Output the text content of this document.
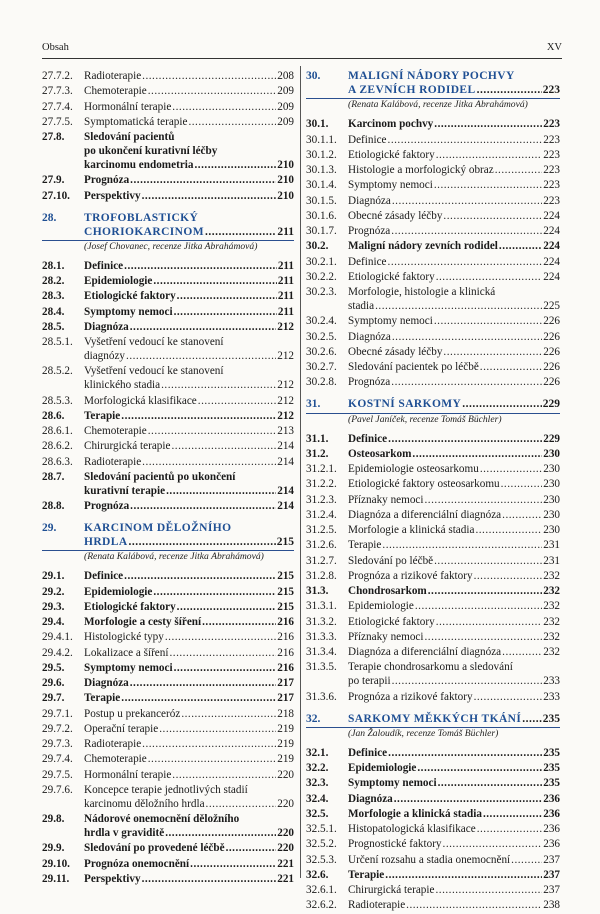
Obsah	XV
27.7.2.	Radioterapie .....	208
27.7.3.	Chemoterapie .....	209
27.7.4.	Hormonální terapie .....	209
27.7.5.	Symptomatická terapie .....	209
27.8.	Sledování pacientů
po ukončení kurativní léčby
karcinomu endometria .....	210
27.9.	Prognóza .....	210
27.10.	Perspektivy .....	210
28.	TROFOBLASTICKÝ
CHORIOKARCINOM .....	211
(Josef Chovanec, recenze Jitka Abrahámová)
28.1.	Definice .....	211
28.2.	Epidemiologie .....	211
28.3.	Etiologické faktory .....	211
28.4.	Symptomy nemoci .....	211
28.5.	Diagnóza .....	212
28.5.1.	Vyšetření vedoucí ke stanovení
diagnózy .....	212
28.5.2.	Vyšetření vedoucí ke stanovení
klinického stadia .....	212
28.5.3.	Morfologická klasifikace .....	212
28.6.	Terapie .....	212
28.6.1.	Chemoterapie .....	213
28.6.2.	Chirurgická terapie .....	214
28.6.3.	Radioterapie .....	214
28.7.	Sledování pacientů po ukončení
kurativní terapie .....	214
28.8.	Prognóza .....	214
29.	KARCINOM DĚLOŽNÍHO
HRDLA .....	215
(Renata Kalábová, recenze Jitka Abrahámová)
29.1.	Definice .....	215
29.2.	Epidemiologie .....	215
29.3.	Etiologické faktory .....	215
29.4.	Morfologie a cesty šíření .....	216
29.4.1.	Histologické typy .....	216
29.4.2.	Lokalizace a šíření .....	216
29.5.	Symptomy nemoci .....	216
29.6.	Diagnóza .....	217
29.7.	Terapie .....	217
29.7.1.	Postup u prekanceróz .....	218
29.7.2.	Operační terapie .....	219
29.7.3.	Radioterapie .....	219
29.7.4.	Chemoterapie .....	219
29.7.5.	Hormonální terapie .....	220
29.7.6.	Koncepce terapie jednotlivých stadií
karcinomu děložního hrdla .....	220
29.8.	Nádorové onemocnění děložního
hrdla v graviditě .....	220
29.9.	Sledování po provedené léčbě .....	220
29.10.	Prognóza onemocnění .....	221
29.11.	Perspektivy .....	221
30.	MALIGNÍ NÁDORY POCHVY
A ZEVNÍCH RODIDEL .....	223
(Renata Kalábová, recenze Jitka Abrahámová)
30.1.	Karcinom pochvy .....	223
30.1.1.	Definice .....	223
30.1.2.	Etiologické faktory .....	223
30.1.3.	Histologie a morfologický obraz .....	223
30.1.4.	Symptomy nemoci .....	223
30.1.5.	Diagnóza .....	223
30.1.6.	Obecné zásady léčby .....	224
30.1.7.	Prognóza .....	224
30.2.	Maligní nádory zevních rodidel .....	224
30.2.1.	Definice .....	224
30.2.2.	Etiologické faktory .....	224
30.2.3.	Morfologie, histologie a klinická
stadia .....	225
30.2.4.	Symptomy nemoci .....	226
30.2.5.	Diagnóza .....	226
30.2.6.	Obecné zásady léčby .....	226
30.2.7.	Sledování pacientek po léčbě .....	226
30.2.8.	Prognóza .....	226
31.	KOSTNÍ SARKOMY .....	229
(Pavel Janíček, recenze Tomáš Büchler)
31.1.	Definice .....	229
31.2.	Osteosarkom .....	230
31.2.1.	Epidemiologie osteosarkomu .....	230
31.2.2.	Etiologické faktory osteosarkomu .....	230
31.2.3.	Příznaky nemoci .....	230
31.2.4.	Diagnóza a diferenciální diagnóza .....	230
31.2.5.	Morfologie a klinická stadia .....	230
31.2.6.	Terapie .....	231
31.2.7.	Sledování po léčbě .....	231
31.2.8.	Prognóza a rizikové faktory .....	232
31.3.	Chondrosarkom .....	232
31.3.1.	Epidemiologie .....	232
31.3.2.	Etiologické faktory .....	232
31.3.3.	Příznaky nemoci .....	232
31.3.4.	Diagnóza a diferenciální diagnóza .....	232
31.3.5.	Terapie chondrosarkomu a sledování
po terapii .....	233
31.3.6.	Prognóza a rizikové faktory .....	233
32.	SARKOMY MĚKKÝCH TKÁNÍ ..... 235
(Jan Žaloudík, recenze Tomáš Büchler)
32.1.	Definice .....	235
32.2.	Epidemiologie .....	235
32.3.	Symptomy nemoci .....	235
32.4.	Diagnóza .....	236
32.5.	Morfologie a klinická stadia .....	236
32.5.1.	Histopatologická klasifikace .....	236
32.5.2.	Prognostické faktory .....	236
32.5.3.	Určení rozsahu a stadia onemocnění .....	237
32.6.	Terapie .....	237
32.6.1.	Chirurgická terapie .....	237
32.6.2.	Radioterapie .....	238
